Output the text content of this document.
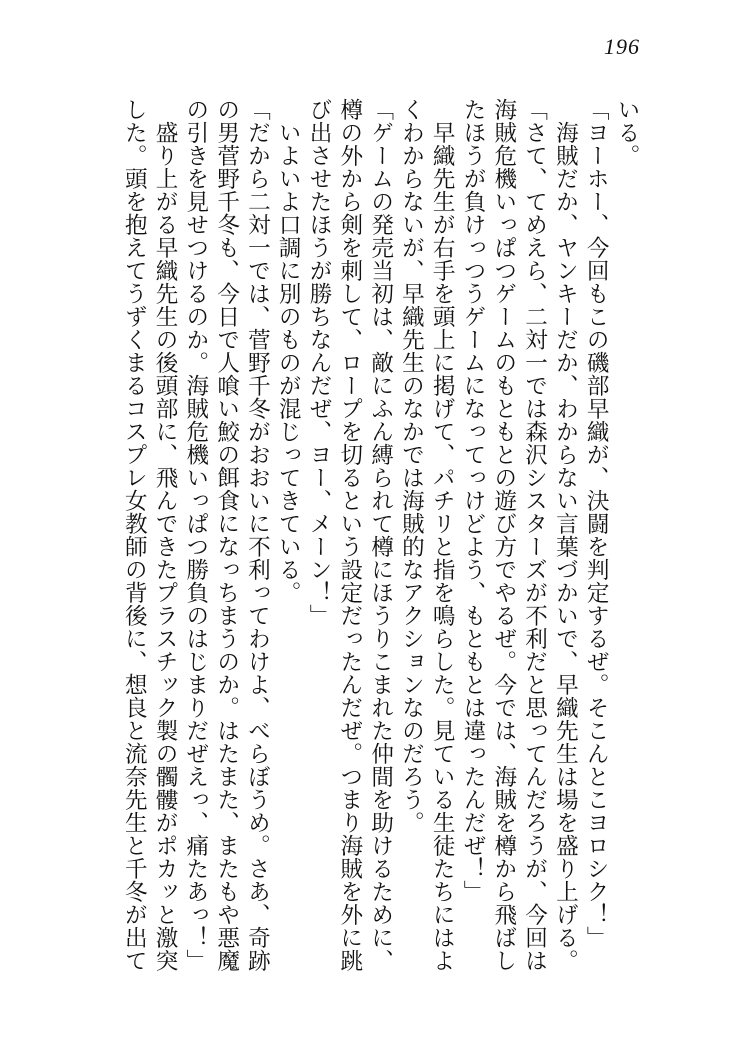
196

いる。

「ヨーホー、今回もこの磯部早織が、決闘を判定するぜ。そこんとこヨロシク！」

　海賊だか、ヤンキーだか、わからない言葉づかいで、早織先生は場を盛り上げる。

「さて、てめえら、二対一では森沢シスターズが不利だと思ってんだろうが、今回は

海賊危機いっぱつゲームのもともとの遊び方でやるぜ。今では、海賊を樽から飛ばし

たほうが負けっつうゲームになってっけどよう、もともとは違ったんだぜ！」

　早織先生が右手を頭上に掲げて、パチリと指を鳴らした。見ている生徒たちにはよ

くわからないが、早織先生のなかでは海賊的なアクションなのだろう。

「ゲームの発売当初は、敵にふん縛られて樽にほうりこまれた仲間を助けるために、

樽の外から剣を刺して、ロープを切るという設定だったんだぜ。つまり海賊を外に跳

び出させたほうが勝ちなんだぜ、ヨー、メーン！」

　いよいよ口調に別のものが混じってきている。

「だから二対一では、菅野千冬がおおいに不利ってわけよ、べらぼうめ。さあ、奇跡

の男菅野千冬も、今日で人喰い鮫の餌食になっちまうのか。はたまた、またもや悪魔

の引きを見せつけるのか。海賊危機いっぱつ勝負のはじまりだぜえっ、痛たあっ！」

　盛り上がる早織先生の後頭部に、飛んできたプラスチック製の髑髏がポカッと激突

した。頭を抱えてうずくまるコスプレ女教師の背後に、想良と流奈先生と千冬が出て
